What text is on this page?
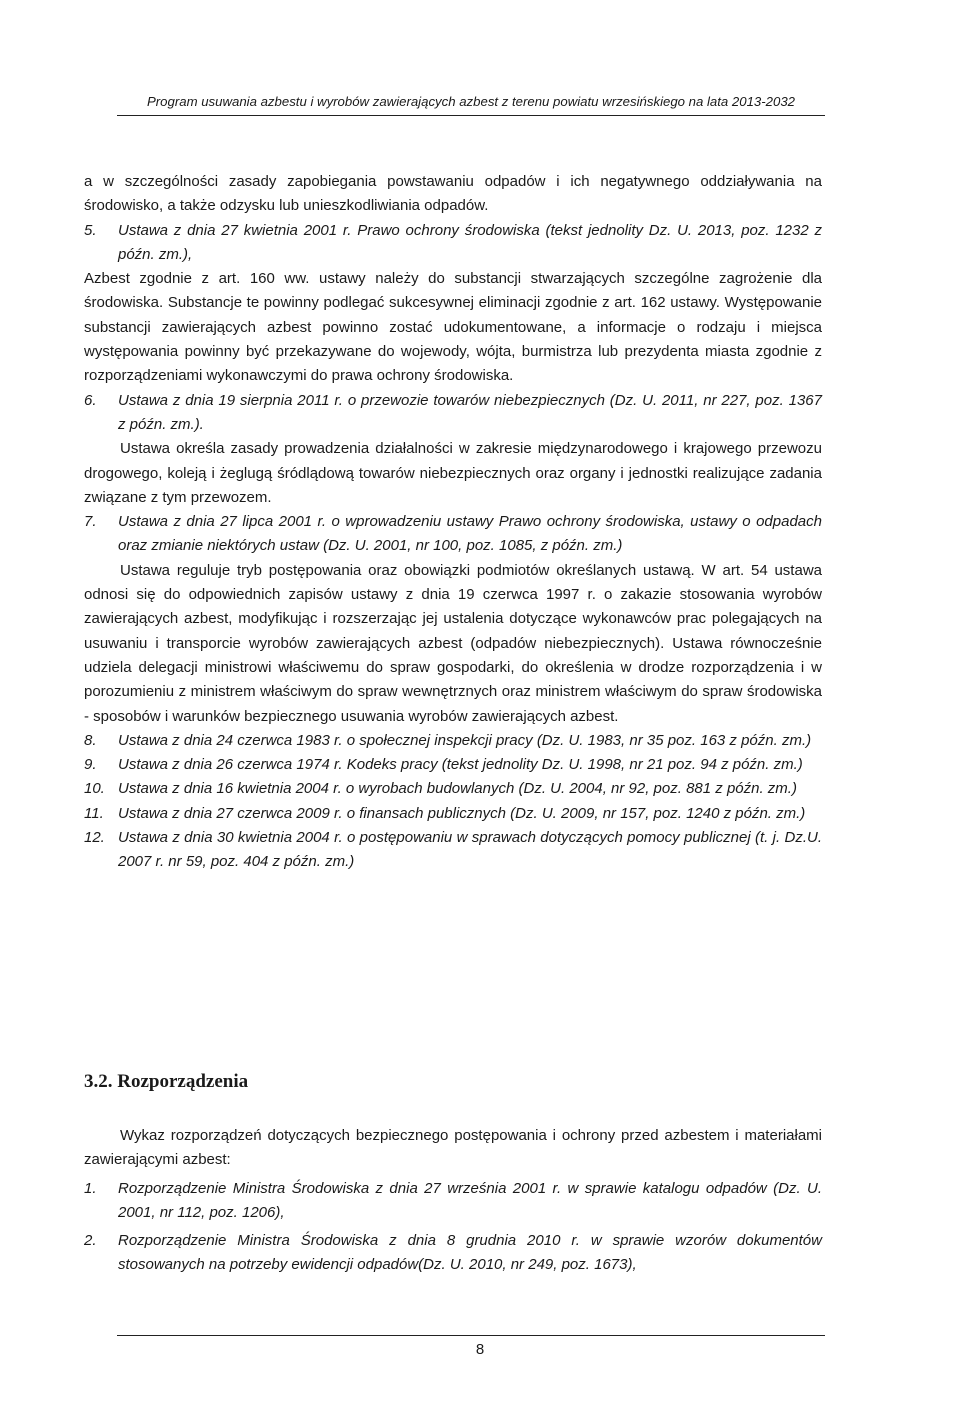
Program usuwania azbestu i wyrobów zawierających azbest z terenu powiatu wrzesińskiego na lata 2013-2032

a w szczególności zasady zapobiegania powstawaniu odpadów i ich negatywnego oddziaływania na środowisko, a także odzysku lub unieszkodliwiania odpadów.

5.	Ustawa z dnia 27 kwietnia 2001 r. Prawo ochrony środowiska (tekst jednolity Dz. U. 2013, poz. 1232 z późn. zm.),

Azbest zgodnie z art. 160 ww. ustawy należy do substancji stwarzających szczególne zagrożenie dla środowiska. Substancje te powinny podlegać sukcesywnej eliminacji zgodnie z art. 162 ustawy. Występowanie substancji zawierających azbest powinno zostać udokumentowane, a informacje o rodzaju i miejsca występowania powinny być przekazywane do wojewody, wójta, burmistrza lub prezydenta miasta zgodnie z rozporządzeniami wykonawczymi do prawa ochrony środowiska.

6.	Ustawa z dnia 19 sierpnia 2011 r. o przewozie towarów niebezpiecznych (Dz. U. 2011, nr 227, poz. 1367 z późn. zm.).

Ustawa określa zasady prowadzenia działalności w zakresie międzynarodowego i krajowego przewozu drogowego, koleją i żeglugą śródlądową towarów niebezpiecznych oraz organy i jednostki realizujące zadania związane z tym przewozem.

7.	Ustawa z dnia 27 lipca 2001 r. o wprowadzeniu ustawy Prawo ochrony środowiska, ustawy o odpadach oraz zmianie niektórych ustaw (Dz. U. 2001, nr 100, poz. 1085, z późn. zm.)

Ustawa reguluje tryb postępowania oraz obowiązki podmiotów określanych ustawą. W art. 54 ustawa odnosi się do odpowiednich zapisów ustawy z dnia 19 czerwca 1997 r. o zakazie stosowania wyrobów zawierających azbest, modyfikując i rozszerzając jej ustalenia dotyczące wykonawców prac polegających na usuwaniu i transporcie wyrobów zawierających azbest (odpadów niebezpiecznych). Ustawa równocześnie udziela delegacji ministrowi właściwemu do spraw gospodarki, do określenia w drodze rozporządzenia i w porozumieniu z ministrem właściwym do spraw wewnętrznych oraz ministrem właściwym do spraw środowiska - sposobów i warunków bezpiecznego usuwania wyrobów zawierających azbest.

8.	Ustawa z dnia 24 czerwca 1983 r. o społecznej inspekcji pracy (Dz. U. 1983, nr 35 poz. 163 z późn. zm.)
9.	Ustawa z dnia 26 czerwca 1974 r. Kodeks pracy (tekst jednolity Dz. U. 1998, nr 21 poz. 94 z późn. zm.)
10. Ustawa z dnia 16 kwietnia 2004 r. o wyrobach budowlanych (Dz. U. 2004, nr 92, poz. 881 z późn. zm.)
11. Ustawa z dnia 27 czerwca 2009 r. o finansach publicznych (Dz. U. 2009, nr 157, poz. 1240 z późn. zm.)
12. Ustawa z dnia 30 kwietnia 2004 r. o postępowaniu w sprawach dotyczących pomocy publicznej (t. j. Dz.U. 2007 r. nr 59, poz. 404 z późn. zm.)
3.2. Rozporządzenia

Wykaz rozporządzeń dotyczących bezpiecznego postępowania i ochrony przed azbestem i materiałami zawierającymi azbest:

1.	Rozporządzenie Ministra Środowiska z dnia 27 września 2001 r. w sprawie katalogu odpadów (Dz. U. 2001, nr 112, poz. 1206),
2.	Rozporządzenie Ministra Środowiska z dnia 8 grudnia 2010 r. w sprawie wzorów dokumentów stosowanych na potrzeby ewidencji odpadów(Dz. U. 2010, nr 249, poz. 1673),
8
